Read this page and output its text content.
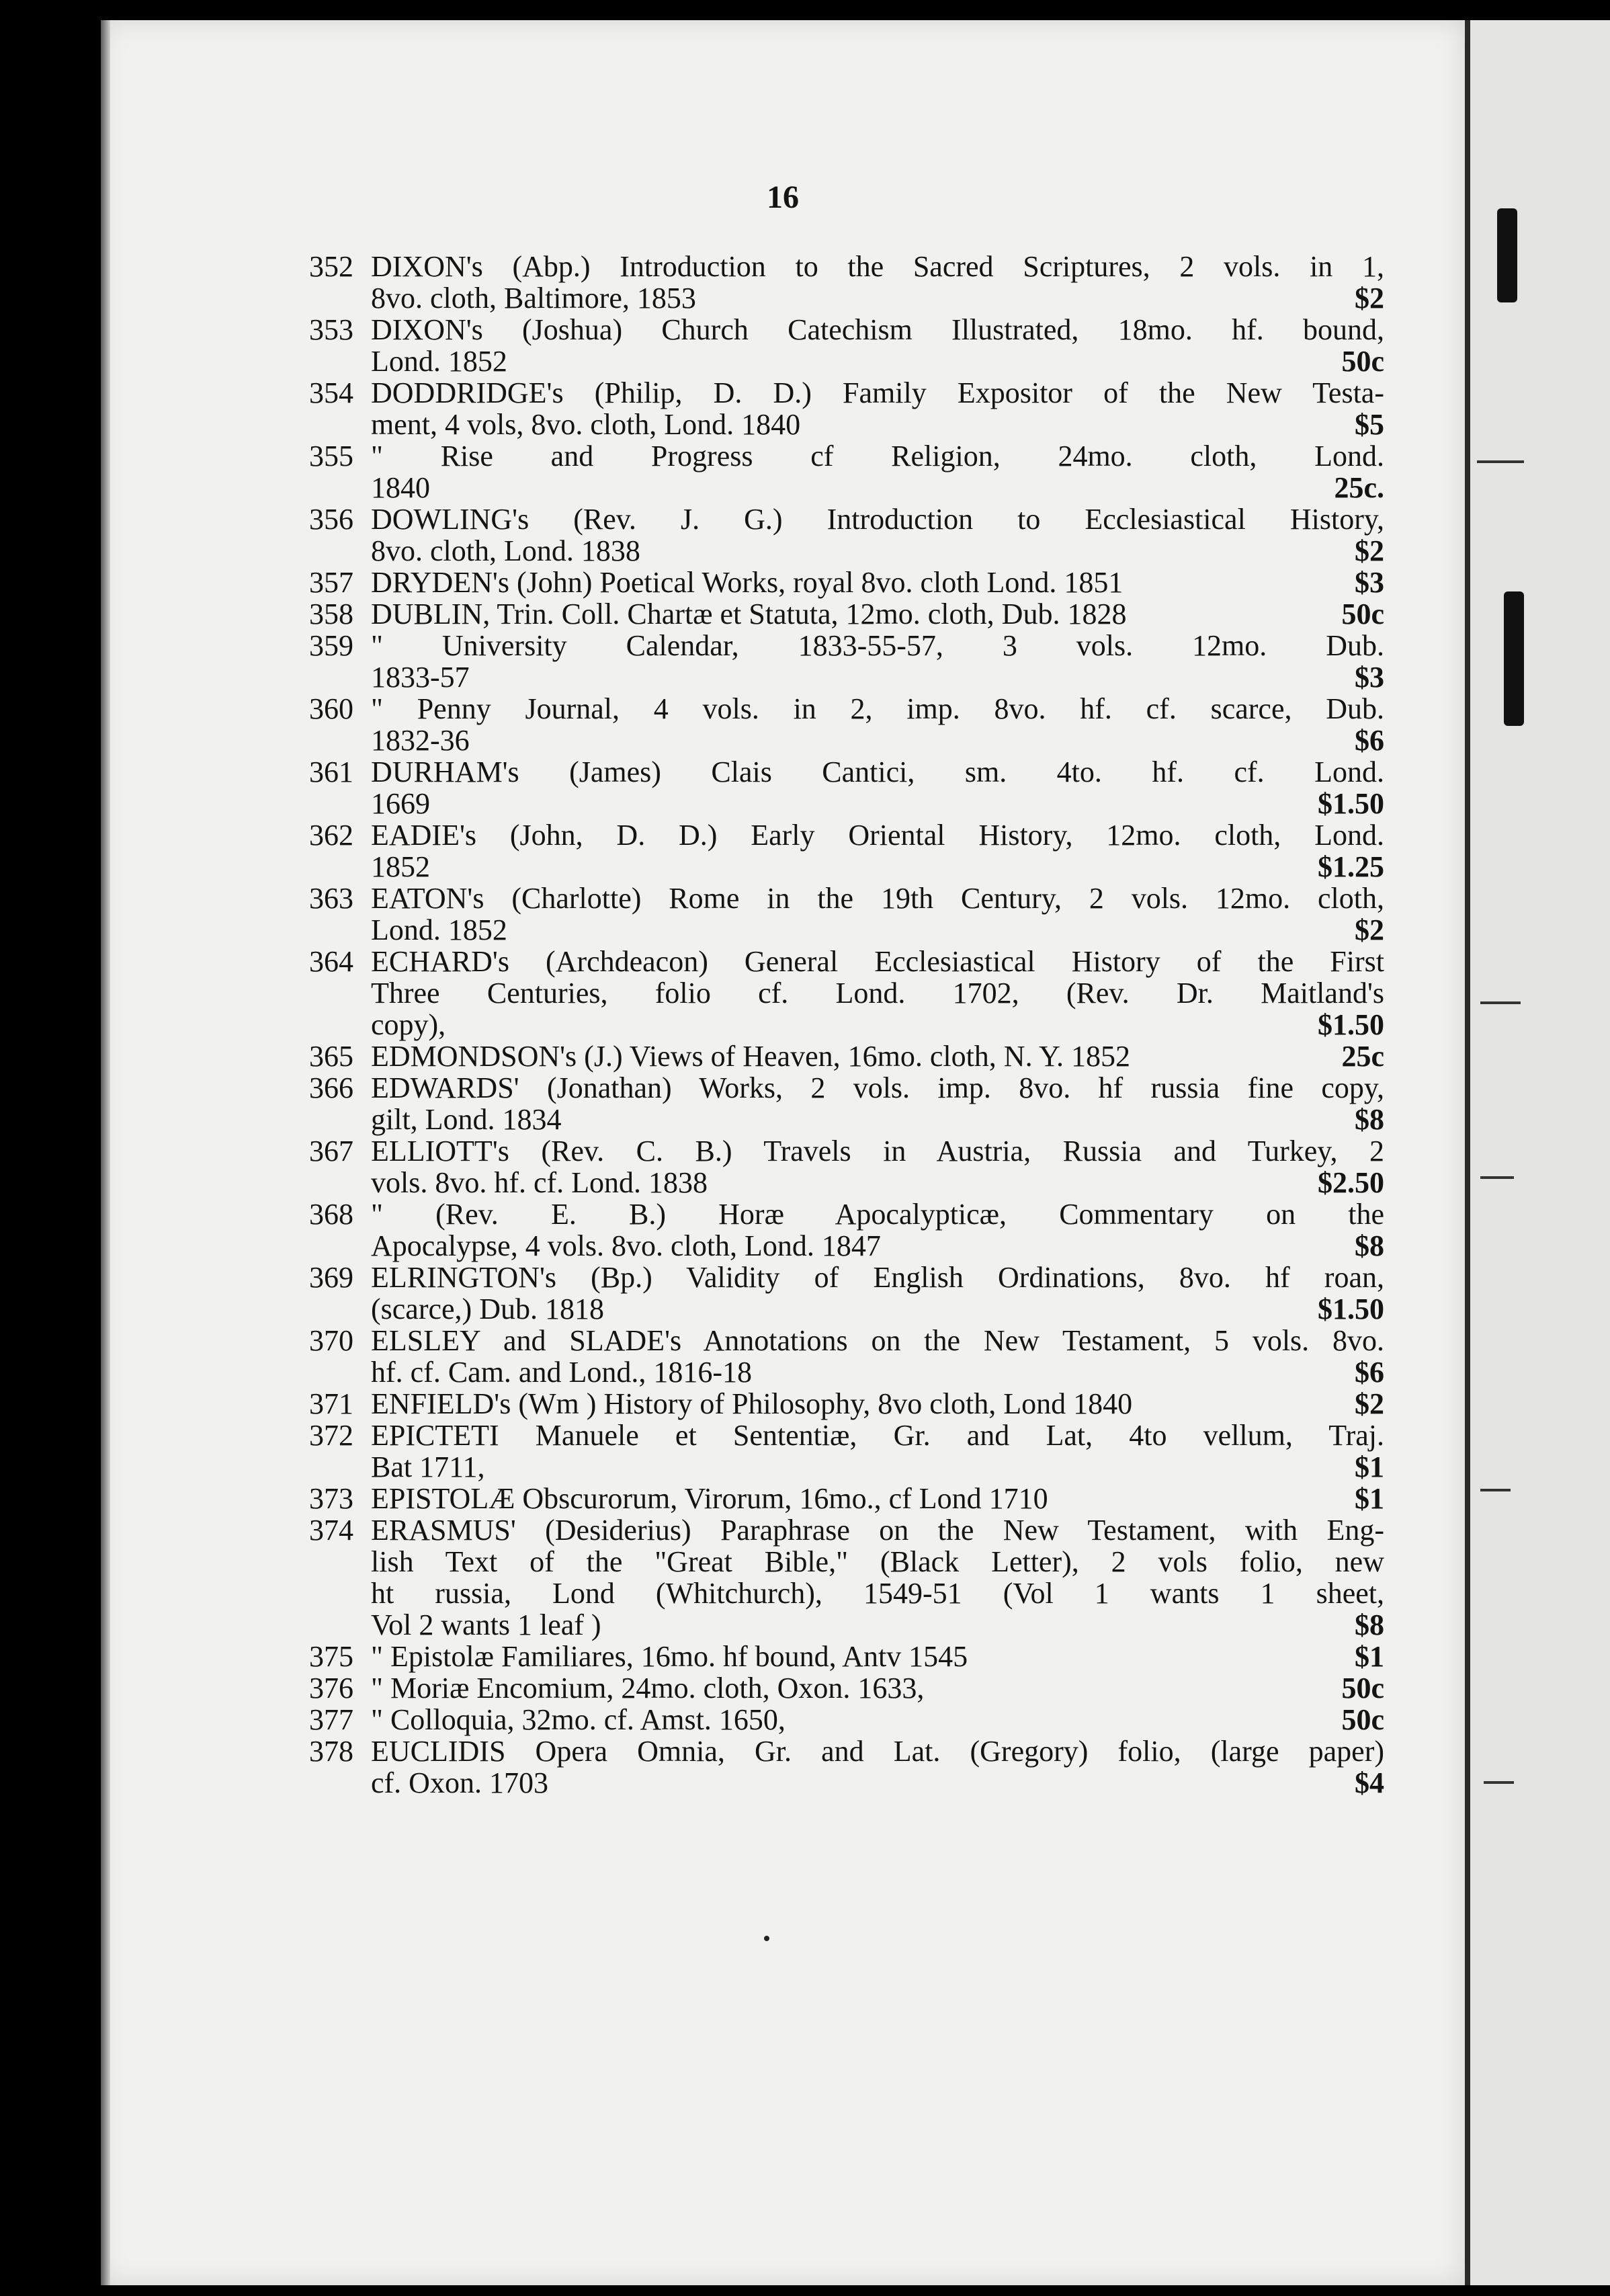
16
352 DIXON's (Abp.) Introduction to the Sacred Scriptures, 2 vols. in 1,
8vo. cloth, Baltimore, 1853	$2
353 DIXON's (Joshua) Church Catechism Illustrated, 18mo. hf. bound,
Lond. 1852	50c
354 DODDRIDGE's (Philip, D. D.) Family Expositor of the New Testa-
ment, 4 vols, 8vo. cloth, Lond. 1840	$5
355 " Rise and Progress cf Religion, 24mo. cloth, Lond.
1840	25c.
356 DOWLING's (Rev. J. G.) Introduction to Ecclesiastical History,
8vo. cloth, Lond. 1838	$2
357 DRYDEN's (John) Poetical Works, royal 8vo. cloth Lond. 1851	$3
358 DUBLIN, Trin. Coll. Chartæ et Statuta, 12mo. cloth, Dub. 1828	50c
359 " University Calendar, 1833-55-57, 3 vols. 12mo. Dub.
1833-57	$3
360 " Penny Journal, 4 vols. in 2, imp. 8vo. hf. cf. scarce, Dub.
1832-36	$6
361 DURHAM's (James) Clais Cantici, sm. 4to. hf. cf. Lond.
1669	$1.50
362 EADIE's (John, D. D.) Early Oriental History, 12mo. cloth, Lond.
1852	$1.25
363 EATON's (Charlotte) Rome in the 19th Century, 2 vols. 12mo. cloth,
Lond. 1852	$2
364 ECHARD's (Archdeacon) General Ecclesiastical History of the First
Three Centuries, folio cf. Lond. 1702, (Rev. Dr. Maitland's
copy),	$1.50
365 EDMONDSON's (J.) Views of Heaven, 16mo. cloth, N. Y. 1852	25c
366 EDWARDS' (Jonathan) Works, 2 vols. imp. 8vo. hf russia fine copy,
gilt, Lond. 1834	$8
367 ELLIOTT's (Rev. C. B.) Travels in Austria, Russia and Turkey, 2
vols. 8vo. hf. cf. Lond. 1838	$2.50
368 " (Rev. E. B.) Horæ Apocalypticæ, Commentary on the
Apocalypse, 4 vols. 8vo. cloth, Lond. 1847	$8
369 ELRINGTON's (Bp.) Validity of English Ordinations, 8vo. hf roan,
(scarce,) Dub. 1818	$1.50
370 ELSLEY and SLADE's Annotations on the New Testament, 5 vols. 8vo.
hf. cf. Cam. and Lond., 1816-18	$6
371 ENFIELD's (Wm ) History of Philosophy, 8vo cloth, Lond 1840	$2
372 EPICTETI Manuele et Sententiæ, Gr. and Lat, 4to vellum, Traj.
Bat 1711,	$1
373 EPISTOLÆ Obscurorum, Virorum, 16mo., cf Lond 1710	$1
374 ERASMUS' (Desiderius) Paraphrase on the New Testament, with Eng-
lish Text of the "Great Bible," (Black Letter), 2 vols folio, new
ht russia, Lond (Whitchurch), 1549-51 (Vol 1 wants 1 sheet,
Vol 2 wants 1 leaf )	$8
375 " Epistolæ Familiares, 16mo. hf bound, Antv 1545	$1
376 " Moriæ Encomium, 24mo. cloth, Oxon. 1633,	50c
377 " Colloquia, 32mo. cf. Amst. 1650,	50c
378 EUCLIDIS Opera Omnia, Gr. and Lat. (Gregory) folio, (large paper)
cf. Oxon. 1703	$4
